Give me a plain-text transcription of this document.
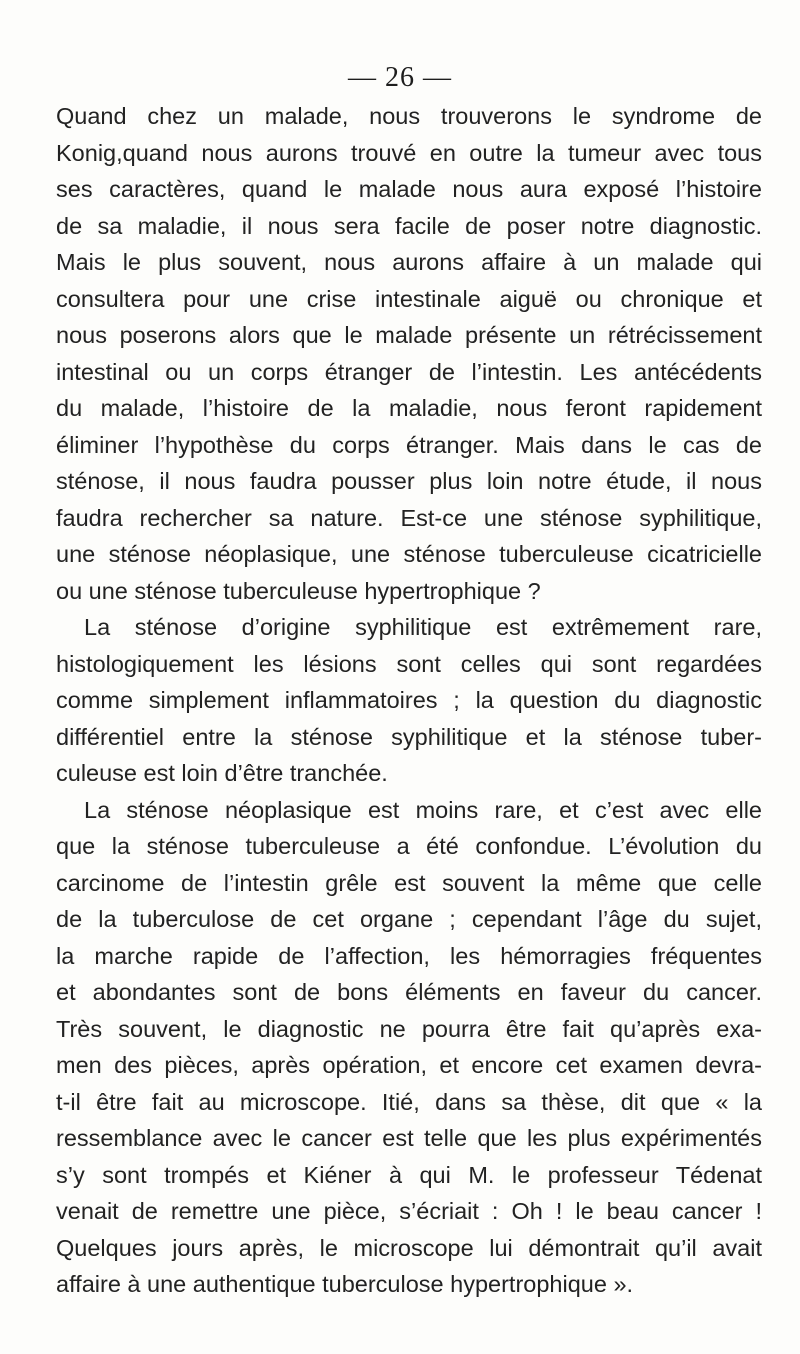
— 26 —
Quand chez un malade, nous trouverons le syndrome de
Konig,quand nous aurons trouvé en outre la tumeur avec tous
ses caractères, quand le malade nous aura exposé l’histoire
de sa maladie, il nous sera facile de poser notre diagnostic.
Mais le plus souvent, nous aurons affaire à un malade qui
consultera pour une crise intestinale aiguë ou chronique et
nous poserons alors que le malade présente un rétrécissement
intestinal ou un corps étranger de l’intestin. Les antécédents
du malade, l’histoire de la maladie, nous feront rapidement
éliminer l’hypothèse du corps étranger. Mais dans le cas de
sténose, il nous faudra pousser plus loin notre étude, il nous
faudra rechercher sa nature. Est-ce une sténose syphilitique,
une sténose néoplasique, une sténose tuberculeuse cicatricielle
ou une sténose tuberculeuse hypertrophique ?
La sténose d’origine syphilitique est extrêmement rare,
histologiquement les lésions sont celles qui sont regardées
comme simplement inflammatoires ; la question du diagnostic
différentiel entre la sténose syphilitique et la sténose tuber-
culeuse est loin d’être tranchée.
La sténose néoplasique est moins rare, et c’est avec elle
que la sténose tuberculeuse a été confondue. L’évolution du
carcinome de l’intestin grêle est souvent la même que celle
de la tuberculose de cet organe ; cependant l’âge du sujet,
la marche rapide de l’affection, les hémorragies fréquentes
et abondantes sont de bons éléments en faveur du cancer.
Très souvent, le diagnostic ne pourra être fait qu’après exa-
men des pièces, après opération, et encore cet examen devra-
t-il être fait au microscope. Itié, dans sa thèse, dit que « la
ressemblance avec le cancer est telle que les plus expérimentés
s’y sont trompés et Kiéner à qui M. le professeur Tédenat
venait de remettre une pièce, s’écriait : Oh ! le beau cancer !
Quelques jours après, le microscope lui démontrait qu’il avait
affaire à une authentique tuberculose hypertrophique ».
